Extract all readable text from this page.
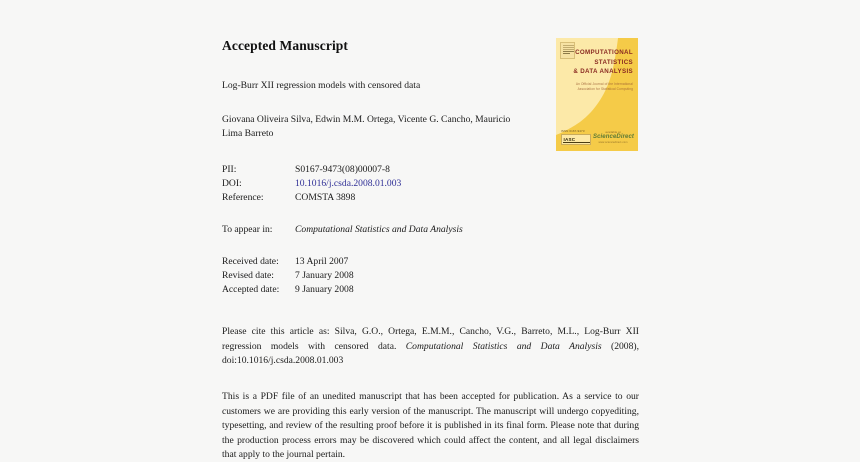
Accepted Manuscript
Log-Burr XII regression models with censored data
Giovana Oliveira Silva, Edwin M.M. Ortega, Vicente G. Cancho, Mauricio Lima Barreto
PII:	S0167-9473(08)00007-8
DOI:	10.1016/j.csda.2008.01.003
Reference:	COMSTA 3898
To appear in:	Computational Statistics and Data Analysis
Received date:	13 April 2007
Revised date:	7 January 2008
Accepted date:	9 January 2008

Please cite this article as: Silva, G.O., Ortega, E.M.M., Cancho, V.G., Barreto, M.L., Log-Burr XII regression models with censored data. Computational Statistics and Data Analysis (2008), doi:10.1016/j.csda.2008.01.003

This is a PDF file of an unedited manuscript that has been accepted for publication. As a service to our customers we are providing this early version of the manuscript. The manuscript will undergo copyediting, typesetting, and review of the resulting proof before it is published in its final form. Please note that during the production process errors may be discovered which could affect the content, and all legal disclaimers that apply to the journal pertain.

COMPUTATIONAL
STATISTICS
& DATA ANALYSIS
An Official Journal of the International Association for Statistical Computing
ISSN 0167-9473
IASC
available at
ScienceDirect
www.sciencedirect.com
